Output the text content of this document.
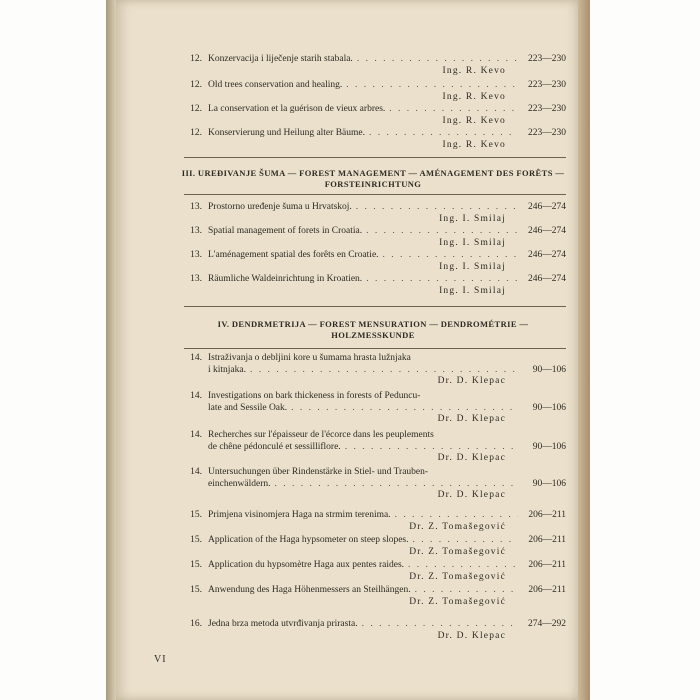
12. Konzervacija i liječenje starih stabala. . . .	223—230
Ing. R. Kevo
12. Old trees conservation and healing. . . .	223—230
Ing. R. Kevo
12. La conservation et la guérison de vieux arbres. . . .	223—230
Ing. R. Kevo
12. Konservierung und Heilung alter Bäume. . . .	223—230
Ing. R. Kevo
III. UREĐIVANJE ŠUMA — FOREST MANAGEMENT — AMÉNAGEMENT DES FORÊTS — FORSTEINRICHTUNG
13. Prostorno uređenje šuma u Hrvatskoj. . . .	246—274
Ing. I. Smilaj
13. Spatial management of forets in Croatia. . . .	246—274
Ing. I. Smilaj
13. L'aménagement spatial des forêts en Croatie. . . .	246—274
Ing. I. Smilaj
13. Räumliche Waldeinrichtung in Kroatien. . . .	246—274
Ing. I. Smilaj
IV. DENDRMETRIJA — FOREST MENSURATION — DENDROMÉTRIE — HOLZMESSKUNDE
14. Istraživanja o debljini kore u šumama hrasta lužnjaka
i kitnjaka. . . .	90—106
Dr. D. Klepac
14. Investigations on bark thickeness in forests of Peduncu-
late and Sessile Oak. . . .	90—106
Dr. D. Klepac
14. Recherches sur l'épaisseur de l'écorce dans les peuplements
de chêne pédonculé et sessilliflore. . . .	90—106
Dr. D. Klepac
14. Untersuchungen über Rindenstärke in Stiel- und Trauben-
einchenwäldern. . . .	90—106
Dr. D. Klepac
15. Primjena visinomjera Haga na strmim terenima. . . .	206—211
Dr. Z. Tomašegović
15. Application of the Haga hypsometer on steep slopes. . . .	206—211
Dr. Z. Tomašegović
15. Application du hypsomètre Haga aux pentes raides. . . .	206—211
Dr. Z. Tomašegović
15. Anwendung des Haga Höhenmessers an Steilhängen. . . .	206—211
Dr. Z. Tomašegović
16. Jedna brza metoda utvrđivanja prirasta. . . .	274—292
Dr. D. Klepac
VI
